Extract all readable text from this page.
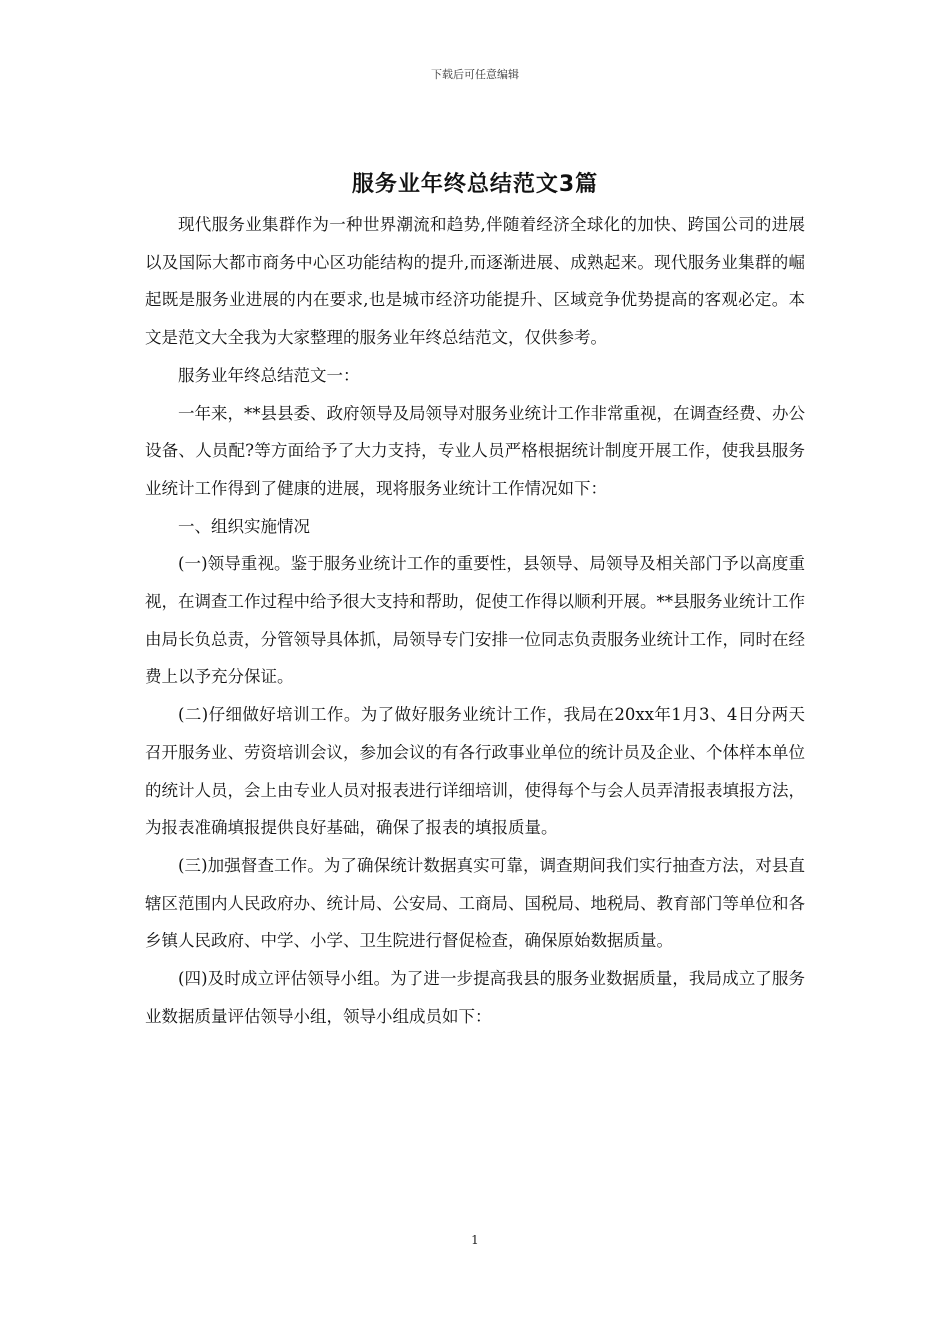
下载后可任意编辑
服务业年终总结范文3篇

现代服务业集群作为一种世界潮流和趋势,伴随着经济全球化的加快、跨国公司的进展以及国际大都市商务中心区功能结构的提升,而逐渐进展、成熟起来。现代服务业集群的崛起既是服务业进展的内在要求,也是城市经济功能提升、区域竞争优势提高的客观必定。本文是范文大全我为大家整理的服务业年终总结范文，仅供参考。

服务业年终总结范文一：

一年来，**县县委、政府领导及局领导对服务业统计工作非常重视，在调查经费、办公设备、人员配?等方面给予了大力支持，专业人员严格根据统计制度开展工作，使我县服务业统计工作得到了健康的进展，现将服务业统计工作情况如下：

一、组织实施情况

(一)领导重视。鉴于服务业统计工作的重要性，县领导、局领导及相关部门予以高度重视，在调查工作过程中给予很大支持和帮助，促使工作得以顺利开展。**县服务业统计工作由局长负总责，分管领导具体抓，局领导专门安排一位同志负责服务业统计工作，同时在经费上以予充分保证。

(二)仔细做好培训工作。为了做好服务业统计工作，我局在20xx年1月3、4日分两天召开服务业、劳资培训会议，参加会议的有各行政事业单位的统计员及企业、个体样本单位的统计人员，会上由专业人员对报表进行详细培训，使得每个与会人员弄清报表填报方法，为报表准确填报提供良好基础，确保了报表的填报质量。

(三)加强督查工作。为了确保统计数据真实可靠，调查期间我们实行抽查方法，对县直辖区范围内人民政府办、统计局、公安局、工商局、国税局、地税局、教育部门等单位和各乡镇人民政府、中学、小学、卫生院进行督促检查，确保原始数据质量。

(四)及时成立评估领导小组。为了进一步提高我县的服务业数据质量，我局成立了服务业数据质量评估领导小组，领导小组成员如下：

1
